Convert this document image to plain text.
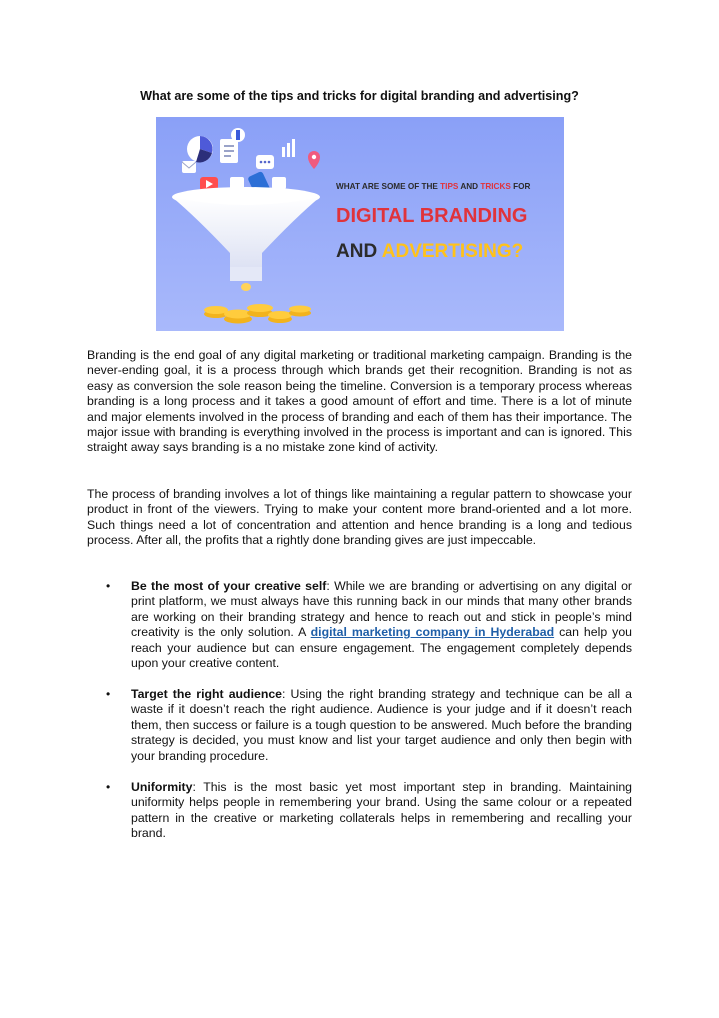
What are some of the tips and tricks for digital branding and advertising?
WHAT ARE SOME OF THE TIPS AND TRICKS FOR
DIGITAL BRANDING
AND ADVERTISING?

Branding is the end goal of any digital marketing or traditional marketing campaign. Branding is the never-ending goal, it is a process through which brands get their recognition. Branding is not as easy as conversion the sole reason being the timeline. Conversion is a temporary process whereas branding is a long process and it takes a good amount of effort and time. There is a lot of minute and major elements involved in the process of branding and each of them has their importance. The major issue with branding is everything involved in the process is important and can is ignored. This straight away says branding is a no mistake zone kind of activity.

The process of branding involves a lot of things like maintaining a regular pattern to showcase your product in front of the viewers. Trying to make your content more brand-oriented and a lot more. Such things need a lot of concentration and attention and hence branding is a long and tedious process. After all, the profits that a rightly done branding gives are just impeccable.

• Be the most of your creative self: While we are branding or advertising on any digital or print platform, we must always have this running back in our minds that many other brands are working on their branding strategy and hence to reach out and stick in people’s mind creativity is the only solution. A digital marketing company in Hyderabad can help you reach your audience but can ensure engagement. The engagement completely depends upon your creative content.

• Target the right audience: Using the right branding strategy and technique can be all a waste if it doesn’t reach the right audience. Audience is your judge and if it doesn’t reach them, then success or failure is a tough question to be answered. Much before the branding strategy is decided, you must know and list your target audience and only then begin with your branding procedure.

• Uniformity: This is the most basic yet most important step in branding. Maintaining uniformity helps people in remembering your brand. Using the same colour or a repeated pattern in the creative or marketing collaterals helps in remembering and recalling your brand.
